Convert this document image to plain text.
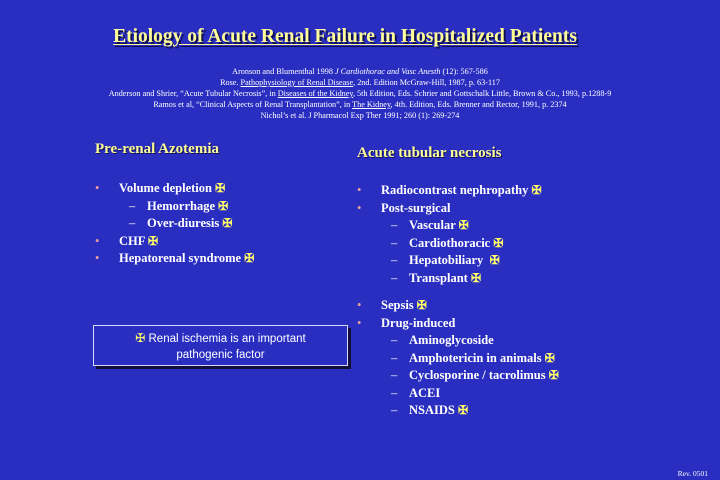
Etiology of Acute Renal Failure in Hospitalized Patients
Aronson and Blumenthal 1998 J Cardiothorac and Vasc Anesth (12): 567-586
Rose. Pathophysiology of Renal Disease, 2nd. Edition McGraw-Hill, 1987, p. 63-117
Anderson and Shrier, “Acute Tubular Necrosis”, in Diseases of the Kidney, 5th Edition, Eds. Schrier and Gottschalk Little, Brown & Co., 1993, p.1288-9
Ramos et al, “Clinical Aspects of Renal Transplantation”, in The Kidney, 4th. Edition, Eds. Brenner and Rector, 1991, p. 2374
Nichol’s et al. J Pharmacol Exp Ther 1991; 260 (1): 269-274
Pre-renal Azotemia	Acute tubular necrosis
• Volume depletion ✠
– Hemorrhage ✠
– Over-diuresis ✠
• CHF ✠
• Hepatorenal syndrome ✠
• Radiocontrast nephropathy ✠
• Post-surgical
– Vascular ✠
– Cardiothoracic ✠
– Hepatobiliary ✠
– Transplant ✠
• Sepsis ✠
• Drug-induced
– Aminoglycoside
– Amphotericin in animals ✠
– Cyclosporine / tacrolimus ✠
– ACEI
– NSAIDS ✠
✠ Renal ischemia is an important
pathogenic factor
Rev. 0501
